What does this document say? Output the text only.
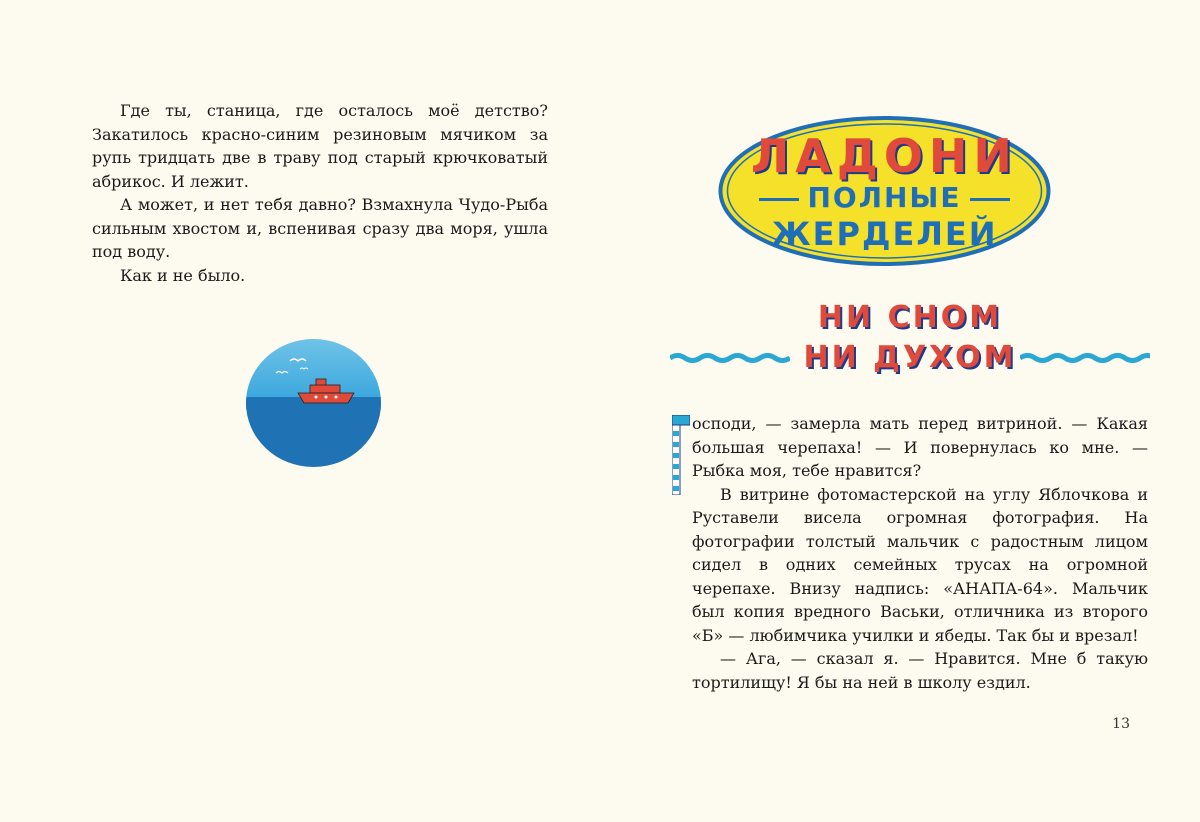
Где ты, станица, где осталось моё детство? Закатилось красно-синим резиновым мячиком за рупь тридцать две в траву под старый крючковатый абрикос. И лежит.

А может, и нет тебя давно? Взмахнула Чудо-Рыба сильным хвостом и, вспенивая сразу два моря, ушла под воду.

Как и не было.

ЛАДОНИ
ПОЛНЫЕ
ЖЕРДЕЛЕЙ
НИ СНОМ
НИ ДУХОМ

осподи, — замерла мать перед витриной. — Какая большая черепаха! — И повернулась ко мне. — Рыбка моя, тебе нравится?

В витрине фотомастерской на углу Яблочкова и Руставели висела огромная фотография. На фотографии толстый мальчик с радостным лицом сидел в одних семейных трусах на огромной черепахе. Внизу надпись: «АНАПА-64». Мальчик был копия вредного Васьки, отличника из второго «Б» — любимчика училки и ябеды. Так бы и врезал!

— Ага, — сказал я. — Нравится. Мне б такую тортилищу! Я бы на ней в школу ездил.

13
